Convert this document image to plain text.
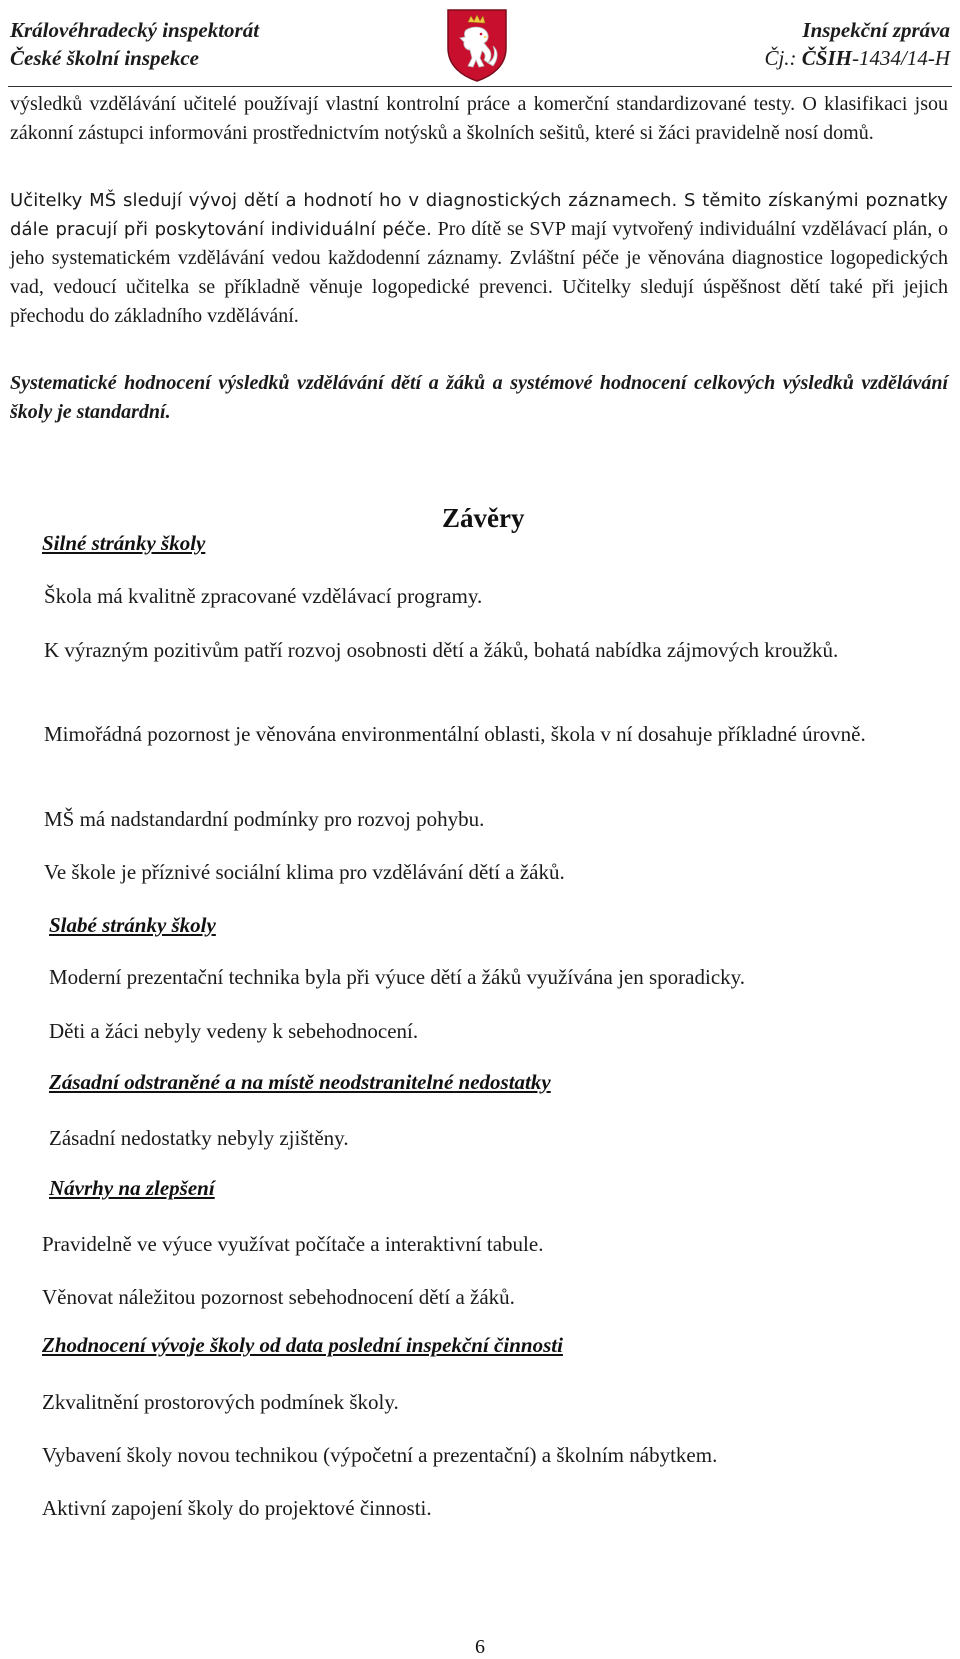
Královéhradecký inspektorát
České školní inspekce
Inspekční zpráva
Čj.: ČŠIH-1434/14-H

výsledků vzdělávání učitelé používají vlastní kontrolní práce a komerční standardizované testy. O klasifikaci jsou zákonní zástupci informováni prostřednictvím notýsků a školních sešitů, které si žáci pravidelně nosí domů.

Učitelky MŠ sledují vývoj dětí a hodnotí ho v diagnostických záznamech. S těmito získanými poznatky dále pracují při poskytování individuální péče. Pro dítě se SVP mají vytvořený individuální vzdělávací plán, o jeho systematickém vzdělávání vedou každodenní záznamy. Zvláštní péče je věnována diagnostice logopedických vad, vedoucí učitelka se příkladně věnuje logopedické prevenci. Učitelky sledují úspěšnost dětí také při jejich přechodu do základního vzdělávání.

Systematické hodnocení výsledků vzdělávání dětí a žáků a systémové hodnocení celkových výsledků vzdělávání školy je standardní.

Závěry
Silné stránky školy

Škola má kvalitně zpracované vzdělávací programy.

K výrazným pozitivům patří rozvoj osobnosti dětí a žáků, bohatá nabídka zájmových kroužků.

Mimořádná pozornost je věnována environmentální oblasti, škola v ní dosahuje příkladné úrovně.

MŠ má nadstandardní podmínky pro rozvoj pohybu.

Ve škole je příznivé sociální klima pro vzdělávání dětí a žáků.

Slabé stránky školy

Moderní prezentační technika byla při výuce dětí a žáků využívána jen sporadicky.

Děti a žáci nebyly vedeny k sebehodnocení.

Zásadní odstraněné a na místě neodstranitelné nedostatky

Zásadní nedostatky nebyly zjištěny.

Návrhy na zlepšení

Pravidelně ve výuce využívat počítače a interaktivní tabule.

Věnovat náležitou pozornost sebehodnocení dětí a žáků.

Zhodnocení vývoje školy od data poslední inspekční činnosti

Zkvalitnění prostorových podmínek školy.

Vybavení školy novou technikou (výpočetní a prezentační) a školním nábytkem.

Aktivní zapojení školy do projektové činnosti.

6
